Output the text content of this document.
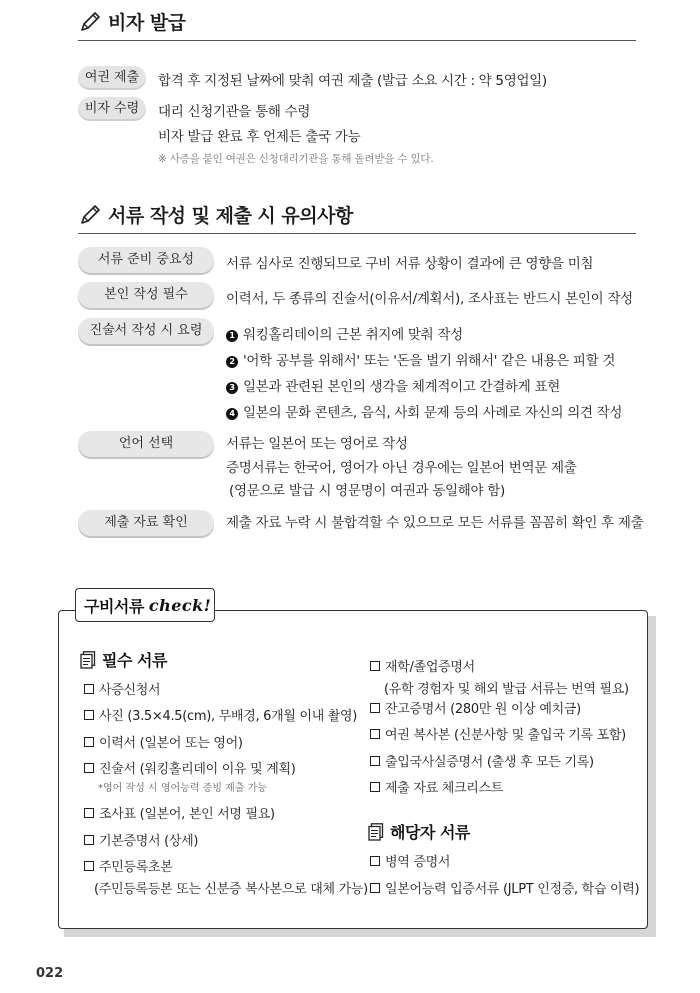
비자 발급
여권 제출	합격 후 지정된 날짜에 맞춰 여권 제출 (발급 소요 시간 : 약 5영업일)
비자 수령	대리 신청기관을 통해 수령
비자 발급 완료 후 언제든 출국 가능
※ 사증을 붙인 여권은 신청대리기관을 통해 돌려받을 수 있다.
서류 작성 및 제출 시 유의사항
서류 준비 중요성	서류 심사로 진행되므로 구비 서류 상황이 결과에 큰 영향을 미침
본인 작성 필수	이력서, 두 종류의 진술서(이유서/계획서), 조사표는 반드시 본인이 작성
진술서 작성 시 요령	1 워킹홀리데이의 근본 취지에 맞춰 작성
2 '어학 공부를 위해서' 또는 '돈을 벌기 위해서' 같은 내용은 피할 것
3 일본과 관련된 본인의 생각을 체계적이고 간결하게 표현
4 일본의 문화 콘텐츠, 음식, 사회 문제 등의 사례로 자신의 의견 작성
언어 선택	서류는 일본어 또는 영어로 작성
증명서류는 한국어, 영어가 아닌 경우에는 일본어 번역문 제출
(영문으로 발급 시 영문명이 여권과 동일해야 함)
제출 자료 확인	제출 자료 누락 시 불합격할 수 있으므로 모든 서류를 꼼꼼히 확인 후 제출
구비서류 check!
필수 서류
사증신청서
사진 (3.5×4.5(cm), 무배경, 6개월 이내 촬영)
이력서 (일본어 또는 영어)
진술서 (워킹홀리데이 이유 및 계획)
*영어 작성 시 영어능력 증빙 제출 가능
조사표 (일본어, 본인 서명 필요)
기본증명서 (상세)
주민등록초본
(주민등록등본 또는 신분증 복사본으로 대체 가능)
재학/졸업증명서
(유학 경험자 및 해외 발급 서류는 번역 필요)
잔고증명서 (280만 원 이상 예치금)
여권 복사본 (신분사항 및 출입국 기록 포함)
출입국사실증명서 (출생 후 모든 기록)
제출 자료 체크리스트
해당자 서류
병역 증명서
일본어능력 입증서류 (JLPT 인정증, 학습 이력)
022
